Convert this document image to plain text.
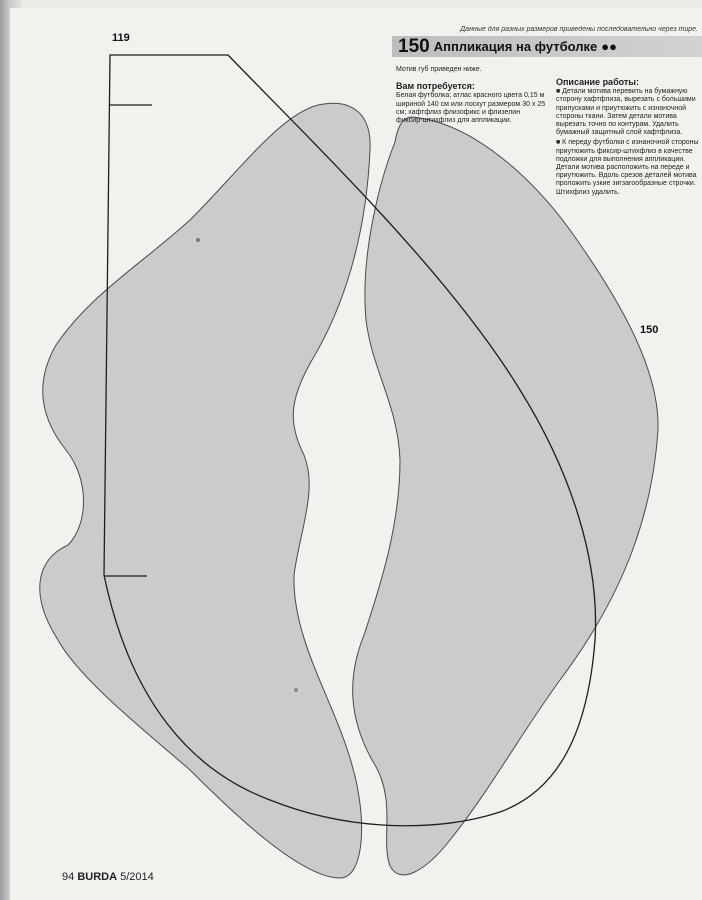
Данные для разных размеров приведены последовательно через тире.
119
150
150 Аппликация на футболке ●●

Мотив губ приведен ниже.

Вам потребуется:

Белая футболка; атлас красного цвета 0,15 м шириной 140 см или лоскут размером 30 x 25 см; хафтфлиз флизофикс и флизелин фиксир-штихфлиз для аппликации.

Описание работы:

■ Детали мотива перевить на бумажную сторону хафтфлиза, вырезать с большими припусками и приутюжить с изнаночной стороны ткани. Затем детали мотива вырезать точно по контурам. Удалить бумажный защитный слой хафтфлиза.

■ К переду футболки с изнаночной стороны приутюжить фиксир-штихфлиз в качестве подложки для выполнения аппликации. Детали мотива расположить на переде и приутюжить. Вдоль срезов деталей мотива проложить узкие зигзагообразные строчки. Штихфлиз удалить.

94 BURDA 5/2014
